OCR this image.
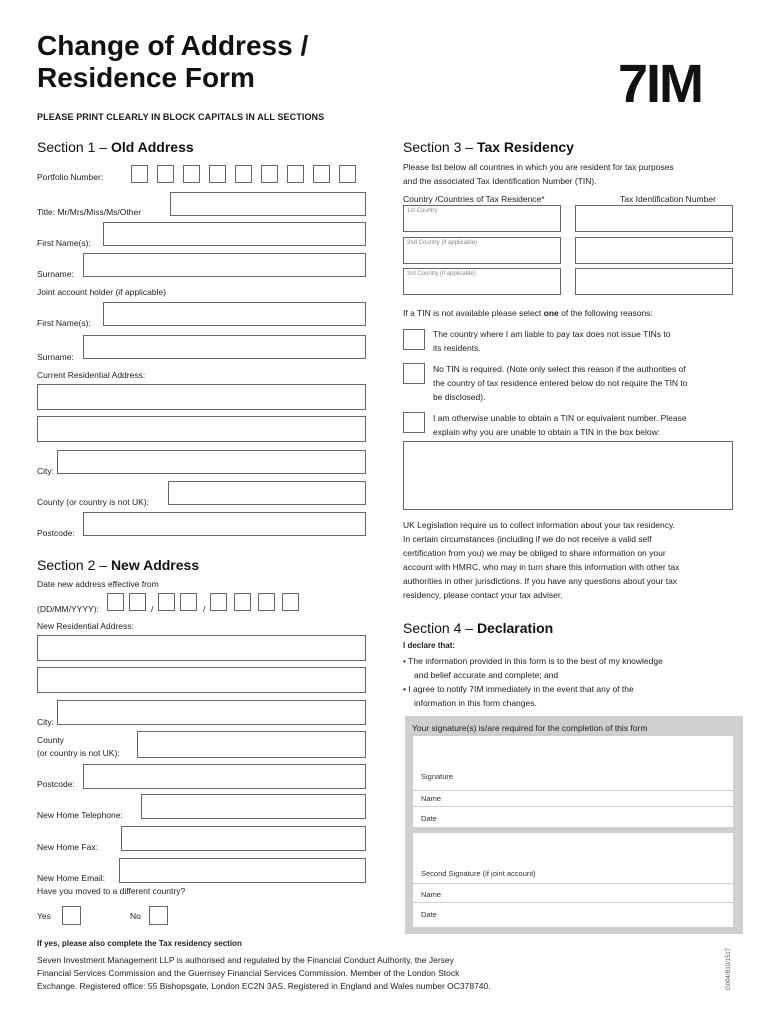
Change of Address /
Residence Form	7IM
PLEASE PRINT CLEARLY IN BLOCK CAPITALS IN ALL SECTIONS
Section 1 – Old Address
Portfolio Number:
Title: Mr/Mrs/Miss/Ms/Other
First Name(s):
Surname:
Joint account holder (if applicable)
First Name(s):
Surname:
Current Residential Address:
City:
County (or country is not UK):
Postcode:
Section 2 – New Address
Date new address effective from
(DD/MM/YYYY):	/	/
New Residential Address:
City:
County
(or country is not UK):
Postcode:
New Home Telephone:
New Home Fax:
New Home Email:
Have you moved to a different country?
Yes	No
If yes, please also complete the Tax residency section
Section 3 – Tax Residency
Please list below all countries in which you are resident for tax purposes
and the associated Tax Identification Number (TIN).
Country /Countries of Tax Residence*	Tax Identification Number
1st Country
2nd Country (if applicable)
3rd Country (if applicable)
If a TIN is not available please select one of the following reasons:
The country where I am liable to pay tax does not issue TINs to
its residents.
No TIN is required. (Note only select this reason if the authorities of
the country of tax residence entered below do not require the TIN to
be disclosed).
I am otherwise unable to obtain a TIN or equivalent number. Please
explain why you are unable to obtain a TIN in the box below:
UK Legislation require us to collect information about your tax residency.
In certain circumstances (including if we do not receive a valid self
certification from you) we may be obliged to share information on your
account with HMRC, who may in turn share this information with other tax
authorities in other jurisdictions. If you have any questions about your tax
residency, please contact your tax adviser.
Section 4 – Declaration
I declare that:
• The information provided in this form is to the best of my knowledge
and belief accurate and complete; and
• I agree to notify 7IM immediately in the event that any of the
information in this form changes.
Your signature(s) is/are required for the completion of this form
Signature
Name
Date
Second Signature (if joint account)
Name
Date
Seven Investment Management LLP is authorised and regulated by the Financial Conduct Authority, the Jersey
Financial Services Commission and the Guernsey Financial Services Commission. Member of the London Stock
Exchange. Registered office: 55 Bishopsgate, London EC2N 3AS. Registered in England and Wales number OC378740.	G004/B10/1517
